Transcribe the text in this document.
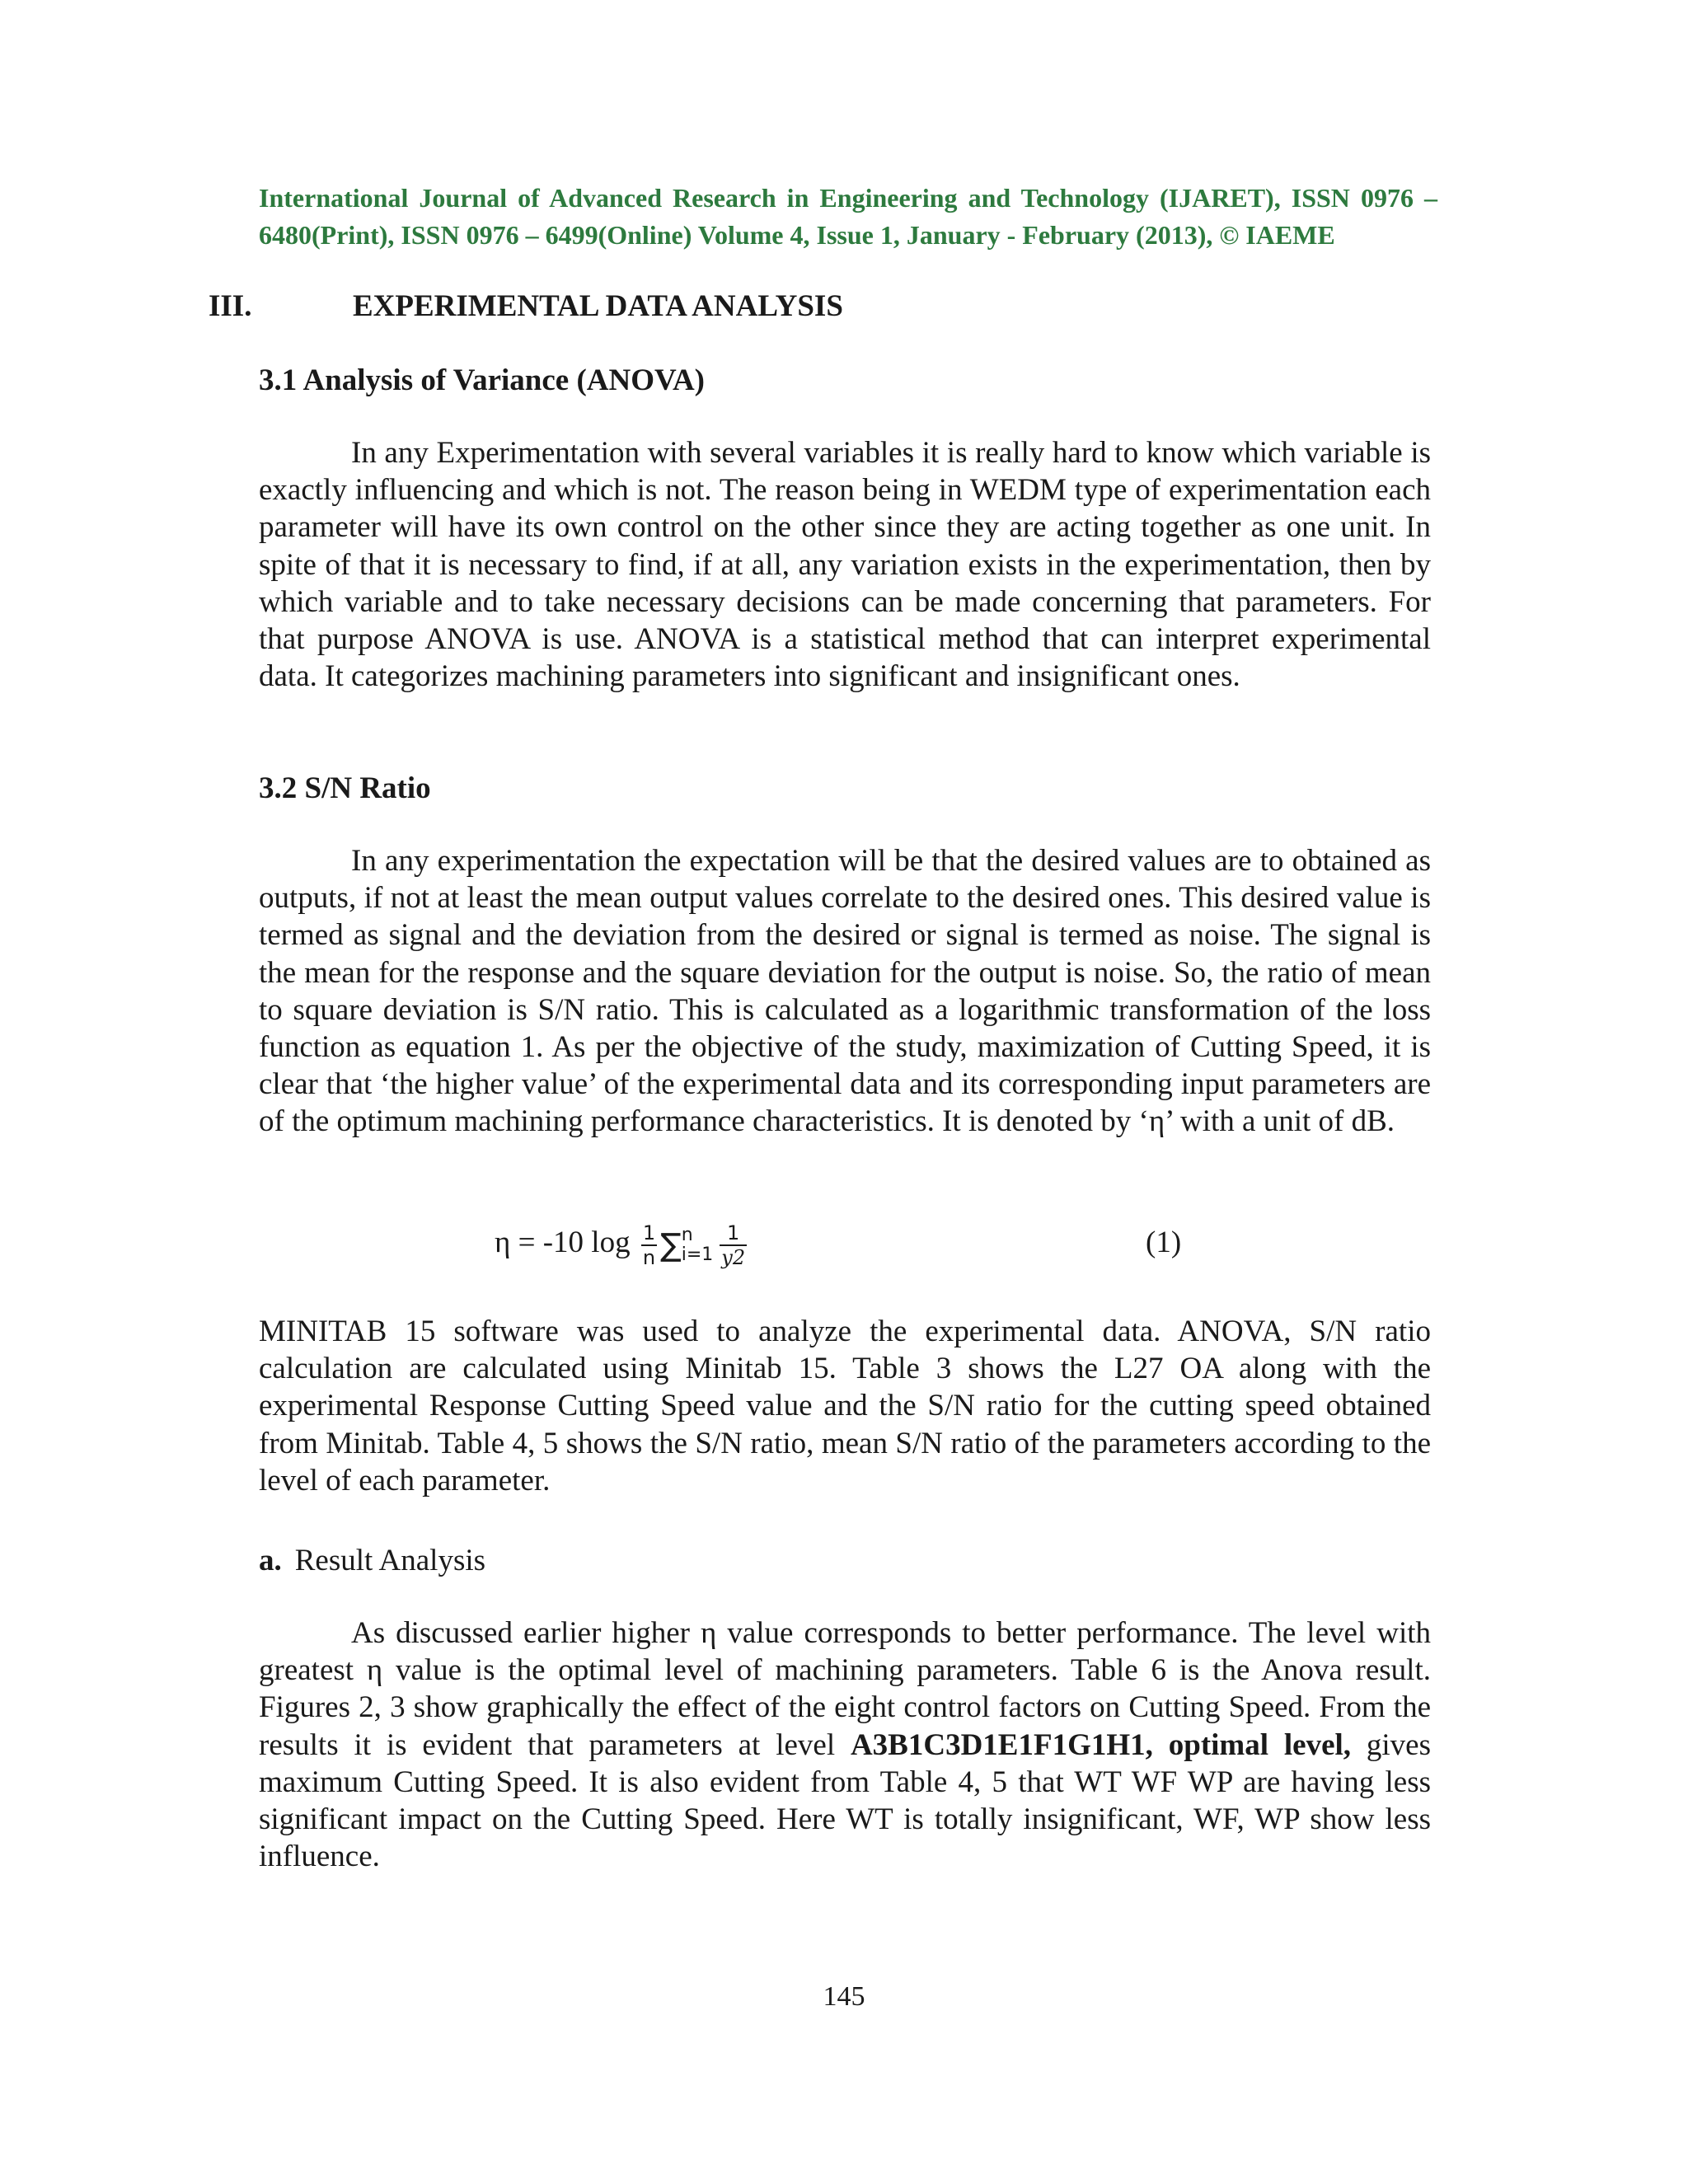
International Journal of Advanced Research in Engineering and Technology (IJARET), ISSN 0976 – 6480(Print), ISSN 0976 – 6499(Online) Volume 4, Issue 1, January - February (2013), © IAEME
III.	EXPERIMENTAL DATA ANALYSIS
3.1 Analysis of Variance (ANOVA)
In any Experimentation with several variables it is really hard to know which variable is exactly influencing and which is not. The reason being in WEDM type of experimentation each parameter will have its own control on the other since they are acting together as one unit. In spite of that it is necessary to find, if at all, any variation exists in the experimentation, then by which variable and to take necessary decisions can be made concerning that parameters. For that purpose ANOVA is use. ANOVA is a statistical method that can interpret experimental data. It categorizes machining parameters into significant and insignificant ones.
3.2 S/N Ratio
In any experimentation the expectation will be that the desired values are to obtained as outputs, if not at least the mean output values correlate to the desired ones. This desired value is termed as signal and the deviation from the desired or signal is termed as noise. The signal is the mean for the response and the square deviation for the output is noise. So, the ratio of mean to square deviation is S/N ratio. This is calculated as a logarithmic transformation of the loss function as equation 1. As per the objective of the study, maximization of Cutting Speed, it is clear that ‘the higher value’ of the experimental data and its corresponding input parameters are of the optimum machining performance characteristics. It is denoted by ‘η’ with a unit of dB.
η = -10 $\log \frac{1}{n}$ ∑ n
$i=1 \frac{1}{y2}$	(1)
MINITAB 15 software was used to analyze the experimental data. ANOVA, S/N ratio calculation are calculated using Minitab 15. Table 3 shows the L27 OA along with the experimental Response Cutting Speed value and the S/N ratio for the cutting speed obtained from Minitab. Table 4, 5 shows the S/N ratio, mean S/N ratio of the parameters according to the level of each parameter.
a. Result Analysis
As discussed earlier higher η value corresponds to better performance. The level with greatest η value is the optimal level of machining parameters. Table 6 is the Anova result. Figures 2, 3 show graphically the effect of the eight control factors on Cutting Speed. From the results it is evident that parameters at level A3B1C3D1E1F1G1H1, optimal level, gives maximum Cutting Speed. It is also evident from Table 4, 5 that WT WF WP are having less significant impact on the Cutting Speed. Here WT is totally insignificant, WF, WP show less influence.
145
